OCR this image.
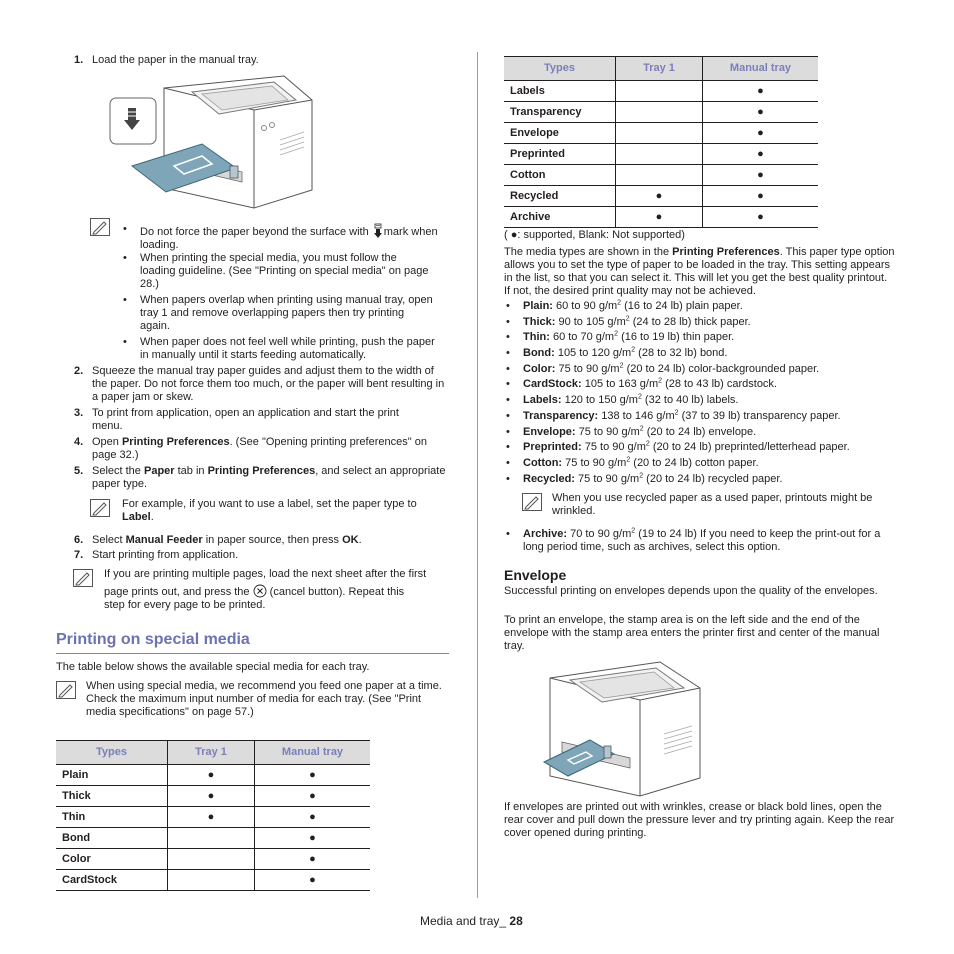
1. Load the paper in the manual tray.
• Do not force the paper beyond the surface with mark when loading.
• When printing the special media, you must follow the loading guideline. (See "Printing on special media" on page 28.)
• When papers overlap when printing using manual tray, open tray 1 and remove overlapping papers then try printing again.
• When paper does not feel well while printing, push the paper in manually until it starts feeding automatically.
2. Squeeze the manual tray paper guides and adjust them to the width of the paper. Do not force them too much, or the paper will bent resulting in a paper jam or skew.
3. To print from application, open an application and start the print menu.
4. Open Printing Preferences. (See "Opening printing preferences" on page 32.)
5. Select the Paper tab in Printing Preferences, and select an appropriate paper type.
For example, if you want to use a label, set the paper type to Label.
6. Select Manual Feeder in paper source, then press OK.
7. Start printing from application.
If you are printing multiple pages, load the next sheet after the first
page prints out, and press the  (cancel button). Repeat this
step for every page to be printed.
Printing on special media
The table below shows the available special media for each tray.
When using special media, we recommend you feed one paper at a time. Check the maximum input number of media for each tray. (See "Print media specifications" on page 57.)
Types	Tray 1	Manual tray
Plain	●	●
Thick	●	●
Thin	●	●
Bond		●
Color		●
CardStock		●
Types	Tray 1	Manual tray
Labels		●
Transparency		●
Envelope		●
Preprinted		●
Cotton		●
Recycled	●	●
Archive	●	●
( ●: supported, Blank: Not supported)
The media types are shown in the Printing Preferences. This paper type option allows you to set the type of paper to be loaded in the tray. This setting appears in the list, so that you can select it. This will let you get the best quality printout. If not, the desired print quality may not be achieved.
• Plain: 60 to 90 $g/m^2$ (16 to 24 lb) plain paper.
• Thick: 90 to 105 $g/m^2$ (24 to 28 lb) thick paper.
• Thin: 60 to 70 $g/m^2$ (16 to 19 lb) thin paper.
• Bond: 105 to 120 $g/m^2$ (28 to 32 lb) bond.
• Color: 75 to 90 $g/m^2$ (20 to 24 lb) color-backgrounded paper.
• CardStock: 105 to 163 $g/m^2$ (28 to 43 lb) cardstock.
• Labels: 120 to 150 $g/m^2$ (32 to 40 lb) labels.
• Transparency: 138 to 146 $g/m^2$ (37 to 39 lb) transparency paper.
• Envelope: 75 to 90 $g/m^2$ (20 to 24 lb) envelope.
• Preprinted: 75 to 90 $g/m^2$ (20 to 24 lb) preprinted/letterhead paper.
• Cotton: 75 to 90 $g/m^2$ (20 to 24 lb) cotton paper.
• Recycled: 75 to 90 $g/m^2$ (20 to 24 lb) recycled paper.
When you use recycled paper as a used paper, printouts might be wrinkled.
• Archive: 70 to 90 $g/m^2$ (19 to 24 lb) If you need to keep the print-out for a long period time, such as archives, select this option.
Envelope
Successful printing on envelopes depends upon the quality of the envelopes.
To print an envelope, the stamp area is on the left side and the end of the envelope with the stamp area enters the printer first and center of the manual tray.
If envelopes are printed out with wrinkles, crease or black bold lines, open the rear cover and pull down the pressure lever and try printing again. Keep the rear cover opened during printing.
Media and tray_ 28
